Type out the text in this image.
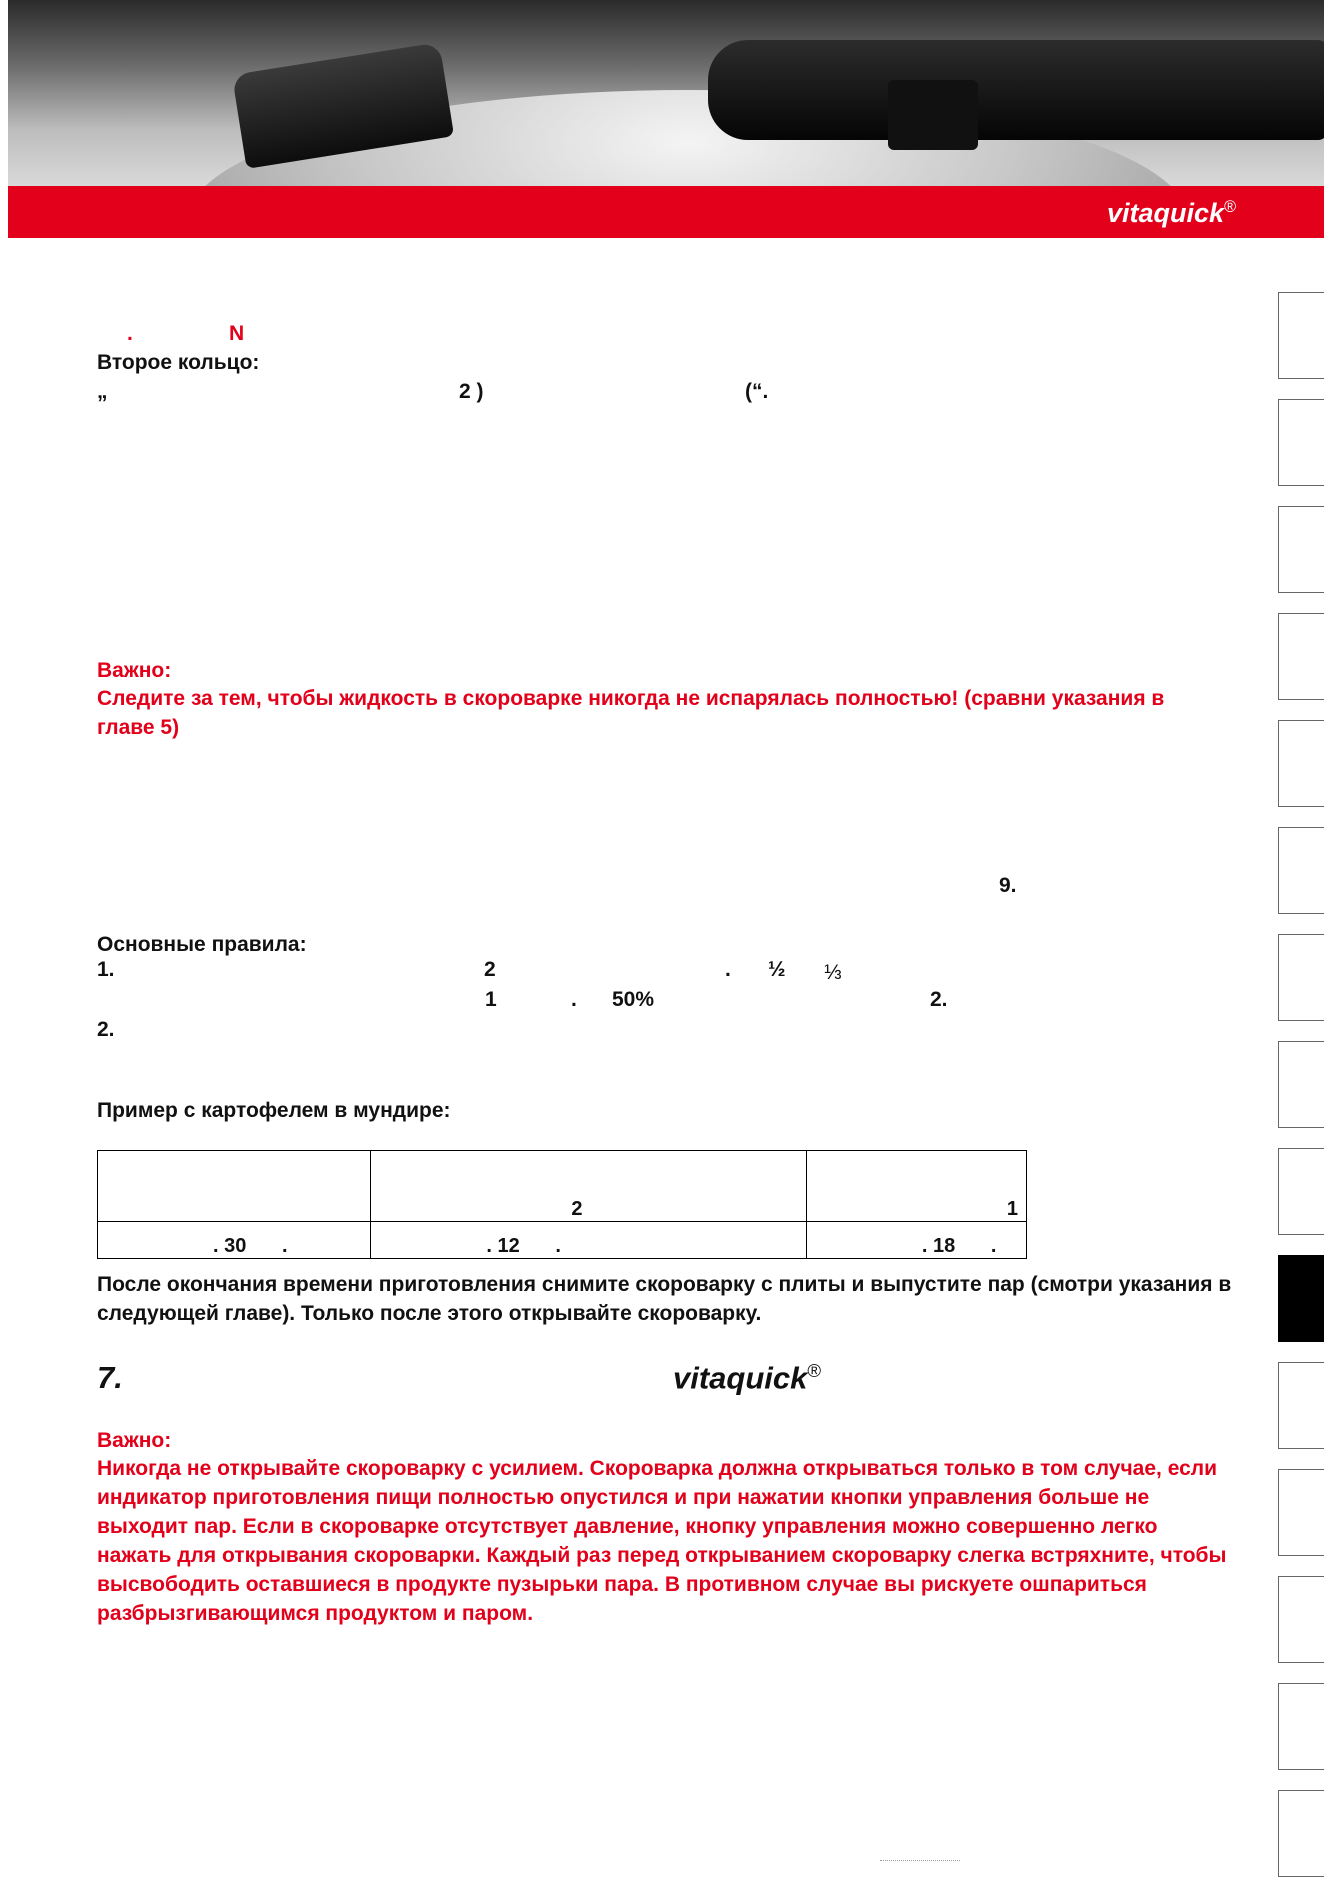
vitaquick®
.	N
Второе кольцо:
„	2 )	(“.
Важно:
Следите за тем, чтобы жидкость в скороварке никогда не испарялась полностью! (сравни указания в главе 5)
9.
Основные правила:
1.	2	. ½ ⅓
1	. 50%	2.
2.
Пример с картофелем в мундире:
	2	1
. 30 .	. 12 .	. 18 .
После окончания времени приготовления снимите скороварку с плиты и выпустите пар (смотри указания в следующей главе). Только после этого открывайте скороварку.
7.	vitaquick®
Важно:
Никогда не открывайте скороварку с усилием. Скороварка должна открываться только в том случае, если индикатор приготовления пищи полностью опустился и при нажатии кнопки управления больше не выходит пар. Если в скороварке отсутствует давление, кнопку управления можно совершенно легко нажать для открывания скороварки. Каждый раз перед открыванием скороварку слегка встряхните, чтобы высвободить оставшиеся в продукте пузырьки пара. В противном случае вы рискуете ошпариться разбрызгивающимся продуктом и паром.
